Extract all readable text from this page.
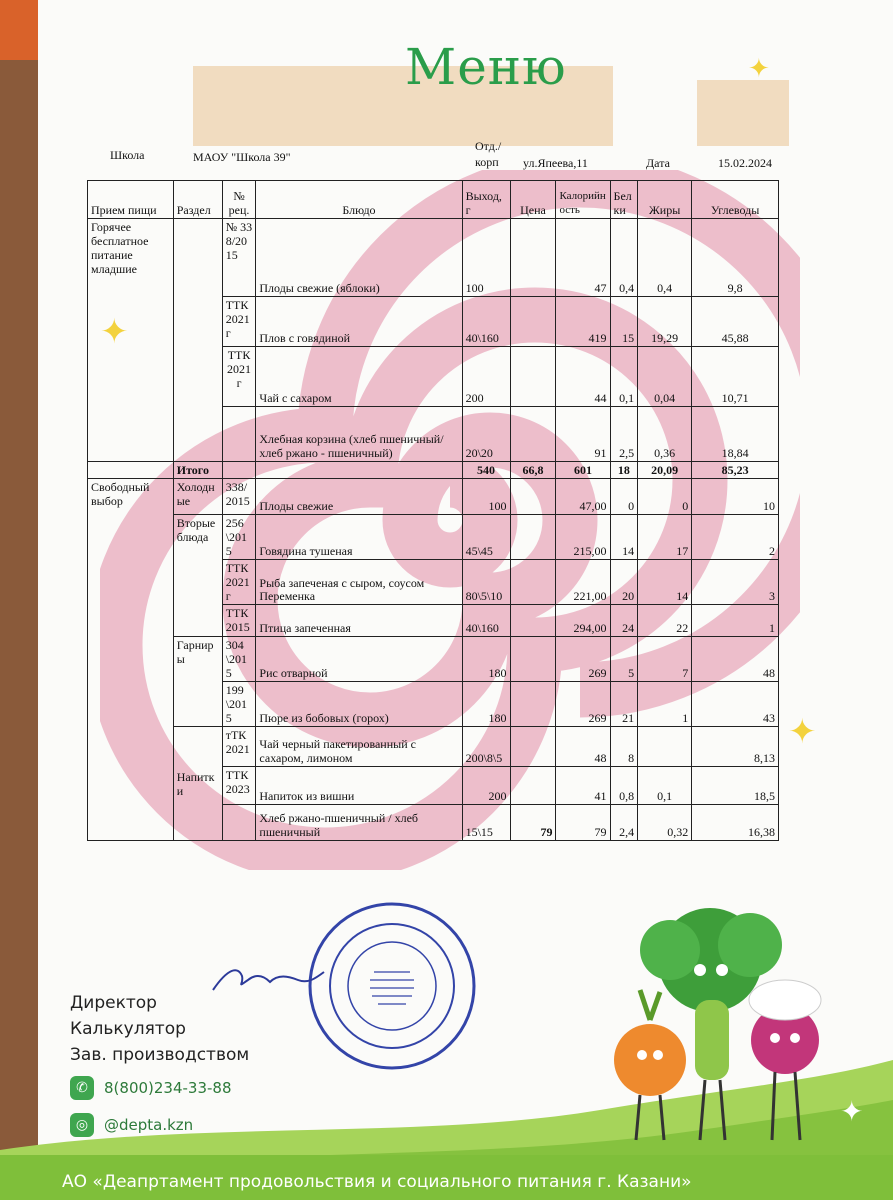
Меню	✦
✦
✦
Школа	МАОУ "Школа 39"
Отд./корп	ул.Япеева,11	Дата	15.02.2024
Прием пищи	Раздел	№ рец.	Блюдо	Выход, г	Цена	Калорийность	Белки	Жиры	Углеводы
Горячее бесплатное питание младшие		№ 338/2015	Плоды свежие (яблоки)	100		47	0,4	0,4	9,8
		ТТК2021 г	Плов с говядиной	40\160		419	15	19,29	45,88
		ТТК 2021 г	Чай с сахаром	200		44	0,1	0,04	10,71
			Хлебная корзина (хлеб пшеничный/хлеб ржано - пшеничный)	20\20		91	2,5	0,36	18,84
	Итого			540	66,8	601	18	20,09	85,23
Свободный выбор	Холодные	338/2015	Плоды свежие	100		47,00	0	0	10
	Вторые блюда	256\2015	Говядина тушеная	45\45		215,00	14	17	2
		ТТК2021 г	Рыба запеченая с сыром, соусом Переменка	80\5\10		221,00	20	14	3
		ТТК2015	Птица запеченная	40\160		294,00	24	22	1
	Гарниры	304\2015	Рис отварной	180		269	5	7	48
		199\2015	Пюре из бобовых (горох)	180		269	21	1	43
	Напитки	тТК 2021	Чай черный пакетированный с сахаром, лимоном	200\8\5		48	8		8,13
		ТТК 2023	Напиток из вишни	200		41	0,8	0,1	18,5
			Хлеб ржано-пшеничный / хлеб пшеничный	15\15	79	79	2,4	0,32	16,38
Директор
Калькулятор
Зав. производством
✆	8(800)234-33-88
◎	@depta.kzn	✦
АО «Деапртамент продовольствия и социального питания г. Казани»
